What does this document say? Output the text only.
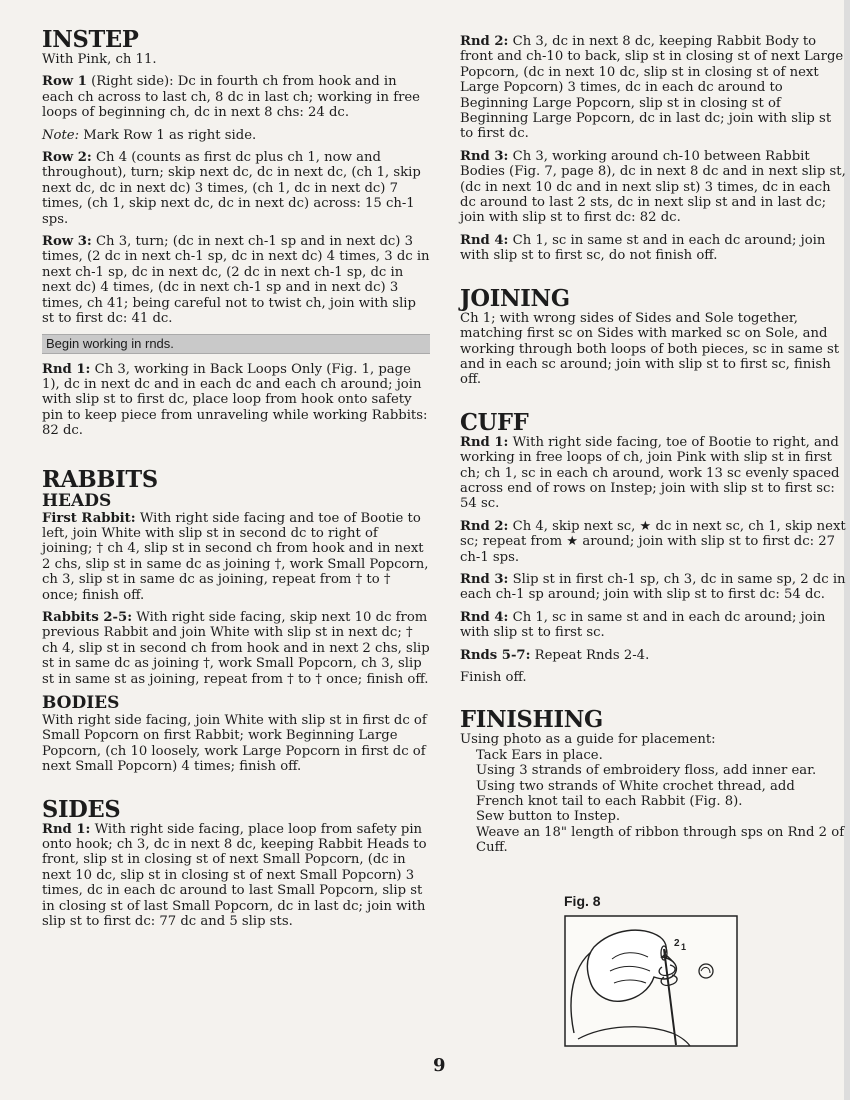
INSTEP

With Pink, ch 11.

Row 1 (Right side): Dc in fourth ch from hook and in each ch across to last ch, 8 dc in last ch; working in free loops of beginning ch, dc in next 8 chs: 24 dc.

Note: Mark Row 1 as right side.

Row 2: Ch 4 (counts as first dc plus ch 1, now and throughout), turn; skip next dc, dc in next dc, (ch 1, skip next dc, dc in next dc) 3 times, (ch 1, dc in next dc) 7 times, (ch 1, skip next dc, dc in next dc) across: 15 ch-1 sps.

Row 3: Ch 3, turn; (dc in next ch-1 sp and in next dc) 3 times, (2 dc in next ch-1 sp, dc in next dc) 4 times, 3 dc in next ch-1 sp, dc in next dc, (2 dc in next ch-1 sp, dc in next dc) 4 times, (dc in next ch-1 sp and in next dc) 3 times, ch 41; being careful not to twist ch, join with slip st to first dc: 41 dc.

Begin working in rnds.

Rnd 1: Ch 3, working in Back Loops Only (Fig. 1, page 1), dc in next dc and in each dc and each ch around; join with slip st to first dc, place loop from hook onto safety pin to keep piece from unraveling while working Rabbits: 82 dc.

RABBITS
HEADS

First Rabbit: With right side facing and toe of Bootie to left, join White with slip st in second dc to right of joining; † ch 4, slip st in second ch from hook and in next 2 chs, slip st in same dc as joining †, work Small Popcorn, ch 3, slip st in same dc as joining, repeat from † to † once; finish off.

Rabbits 2-5: With right side facing, skip next 10 dc from previous Rabbit and join White with slip st in next dc; † ch 4, slip st in second ch from hook and in next 2 chs, slip st in same dc as joining †, work Small Popcorn, ch 3, slip st in same st as joining, repeat from † to † once; finish off.

BODIES

With right side facing, join White with slip st in first dc of Small Popcorn on first Rabbit; work Beginning Large Popcorn, (ch 10 loosely, work Large Popcorn in first dc of next Small Popcorn) 4 times; finish off.

SIDES

Rnd 1: With right side facing, place loop from safety pin onto hook; ch 3, dc in next 8 dc, keeping Rabbit Heads to front, slip st in closing st of next Small Popcorn, (dc in next 10 dc, slip st in closing st of next Small Popcorn) 3 times, dc in each dc around to last Small Popcorn, slip st in closing st of last Small Popcorn, dc in last dc; join with slip st to first dc: 77 dc and 5 slip sts.

Rnd 2: Ch 3, dc in next 8 dc, keeping Rabbit Body to front and ch-10 to back, slip st in closing st of next Large Popcorn, (dc in next 10 dc, slip st in closing st of next Large Popcorn) 3 times, dc in each dc around to Beginning Large Popcorn, slip st in closing st of Beginning Large Popcorn, dc in last dc; join with slip st to first dc.

Rnd 3: Ch 3, working around ch-10 between Rabbit Bodies (Fig. 7, page 8), dc in next 8 dc and in next slip st, (dc in next 10 dc and in next slip st) 3 times, dc in each dc around to last 2 sts, dc in next slip st and in last dc; join with slip st to first dc: 82 dc.

Rnd 4: Ch 1, sc in same st and in each dc around; join with slip st to first sc, do not finish off.

JOINING

Ch 1; with wrong sides of Sides and Sole together, matching first sc on Sides with marked sc on Sole, and working through both loops of both pieces, sc in same st and in each sc around; join with slip st to first sc, finish off.

CUFF

Rnd 1: With right side facing, toe of Bootie to right, and working in free loops of ch, join Pink with slip st in first ch; ch 1, sc in each ch around, work 13 sc evenly spaced across end of rows on Instep; join with slip st to first sc: 54 sc.

Rnd 2: Ch 4, skip next sc, ★ dc in next sc, ch 1, skip next sc; repeat from ★ around; join with slip st to first dc: 27 ch-1 sps.

Rnd 3: Slip st in first ch-1 sp, ch 3, dc in same sp, 2 dc in each ch-1 sp around; join with slip st to first dc: 54 dc.

Rnd 4: Ch 1, sc in same st and in each dc around; join with slip st to first sc.

Rnds 5-7: Repeat Rnds 2-4.

Finish off.

FINISHING

Using photo as a guide for placement:

Tack Ears in place.

Using 3 strands of embroidery floss, add inner ear.

Using two strands of White crochet thread, add French knot tail to each Rabbit (Fig. 8).

Sew button to Instep.

Weave an 18" length of ribbon through sps on Rnd 2 of Cuff.

Fig. 8
2 1
9
